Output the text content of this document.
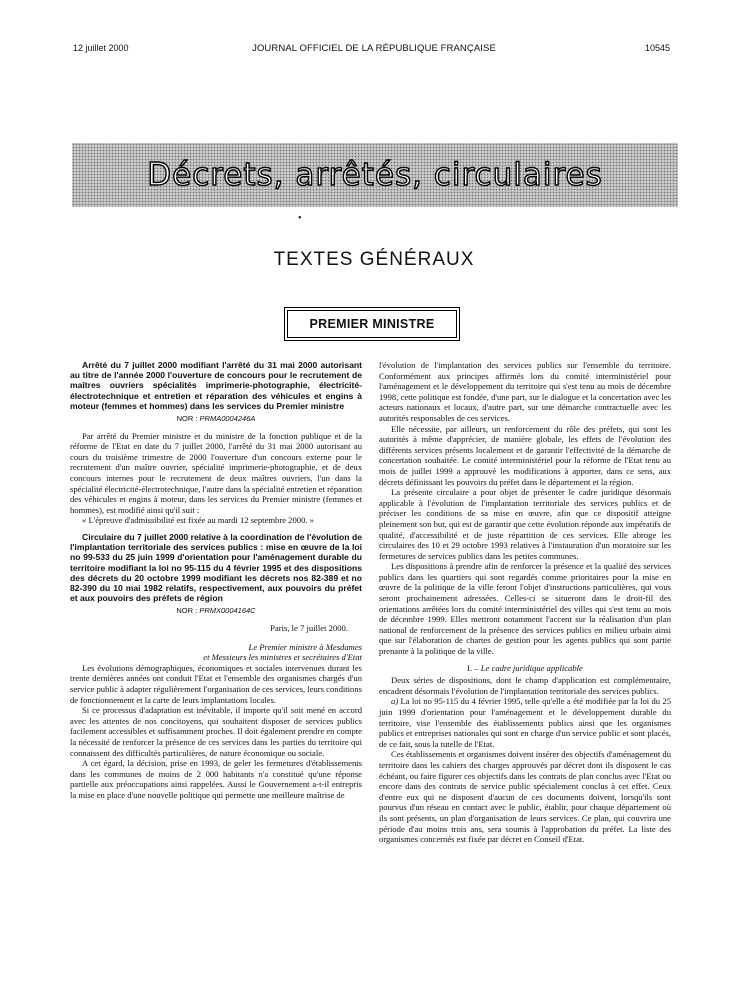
12 juillet 2000	JOURNAL OFFICIEL DE LA RÉPUBLIQUE FRANÇAISE	10545
Décrets, arrêtés, circulaires
•
TEXTES GÉNÉRAUX
PREMIER MINISTRE

Arrêté du 7 juillet 2000 modifiant l'arrêté du 31 mai 2000 autorisant au titre de l'année 2000 l'ouverture de concours pour le recrutement de maîtres ouvriers spécialités imprimerie-photographie, électricité-électrotechnique et entretien et réparation des véhicules et engins à moteur (femmes et hommes) dans les services du Premier ministre

NOR : PRMA0004246A

Par arrêté du Premier ministre et du ministre de la fonction publique et de la réforme de l'Etat en date du 7 juillet 2000, l'arrêté du 31 mai 2000 autorisant au cours du troisième trimestre de 2000 l'ouverture d'un concours externe pour le recrutement d'un maître ouvrier, spécialité imprimerie-photographie, et de deux concours internes pour le recrutement de deux maîtres ouvriers, l'un dans la spécialité électricité-électrotechnique, l'autre dans la spécialité entretien et réparation des véhicules et engins à moteur, dans les services du Premier ministre (femmes et hommes), est modifié ainsi qu'il suit :

« L'épreuve d'admissibilité est fixée au mardi 12 septembre 2000. »

Circulaire du 7 juillet 2000 relative à la coordination de l'évolution de l'implantation territoriale des services publics : mise en œuvre de la loi no 99-533 du 25 juin 1999 d'orientation pour l'aménagement durable du territoire modifiant la loi no 95-115 du 4 février 1995 et des dispositions des décrets du 20 octobre 1999 modifiant les décrets nos 82-389 et no 82-390 du 10 mai 1982 relatifs, respectivement, aux pouvoirs du préfet et aux pouvoirs des préfets de région

NOR : PRMX0004164C
Paris, le 7 juillet 2000.

Le Premier ministre à Mesdames

et Messieurs les ministres et secrétaires d'Etat

Les évolutions démographiques, économiques et sociales intervenues durant les trente dernières années ont conduit l'Etat et l'ensemble des organismes chargés d'un service public à adapter régulièrement l'organisation de ces services, leurs conditions de fonctionnement et la carte de leurs implantations locales.

Si ce processus d'adaptation est inévitable, il importe qu'il soit mené en accord avec les attentes de nos concitoyens, qui souhaitent disposer de services publics facilement accessibles et suffisamment proches. Il doit également prendre en compte la nécessité de renforcer la présence de ces services dans les parties du territoire qui connaissent des difficultés particulières, de nature économique ou sociale.

A cet égard, la décision, prise en 1993, de geler les fermetures d'établissements dans les communes de moins de 2 000 habitants n'a constitué qu'une réponse partielle aux préoccupations ainsi rappelées. Aussi le Gouvernement a-t-il entrepris la mise en place d'une nouvelle politique qui permette une meilleure maîtrise de

l'évolution de l'implantation des services publics sur l'ensemble du territoire. Conformément aux principes affirmés lors du comité interministériel pour l'aménagement et le développement du territoire qui s'est tenu au mois de décembre 1998, cette politique est fondée, d'une part, sur le dialogue et la concertation avec les acteurs nationaux et locaux, d'autre part, sur une démarche contractuelle avec les autorités responsables de ces services.

Elle nécessite, par ailleurs, un renforcement du rôle des préfets, qui sont les autorités à même d'apprécier, de manière globale, les effets de l'évolution des différents services présents localement et de garantir l'effectivité de la démarche de concertation souhaitée. Le comité interministériel pour la réforme de l'Etat tenu au mois de juillet 1999 a approuvé les modifications à apporter, dans ce sens, aux décrets définissant les pouvoirs du préfet dans le département et la région.

La présente circulaire a pour objet de présenter le cadre juridique désormais applicable à l'évolution de l'implantation territoriale des services publics et de préciser les conditions de sa mise en œuvre, afin que ce dispositif atteigne pleinement son but, qui est de garantir que cette évolution réponde aux impératifs de qualité, d'accessibilité et de juste répartition de ces services. Elle abroge les circulaires des 10 et 29 octobre 1993 relatives à l'instauration d'un moratoire sur les fermetures de services publics dans les petites communes.

Les dispositions à prendre afin de renforcer la présence et la qualité des services publics dans les quartiers qui sont regardés comme prioritaires pour la mise en œuvre de la politique de la ville feront l'objet d'instructions particulières, qui vous seront prochainement adressées. Celles-ci se situeront dans le droit-fil des orientations arrêtées lors du comité interministériel des villes qui s'est tenu au mois de décembre 1999. Elles mettront notamment l'accent sur la réalisation d'un plan national de renforcement de la présence des services publics en milieu urbain ainsi que sur l'élaboration de chartes de gestion pour les agents publics qui sont partie prenante à la politique de la ville.

I. – Le cadre juridique applicable

Deux séries de dispositions, dont le champ d'application est complémentaire, encadrent désormais l'évolution de l'implantation territoriale des services publics.

a) La loi no 95-115 du 4 février 1995, telle qu'elle a été modifiée par la loi du 25 juin 1999 d'orientation pour l'aménagement et le développement durable du territoire, vise l'ensemble des établissements publics ainsi que les organismes publics et entreprises nationales qui sont en charge d'un service public et sont placés, de ce fait, sous la tutelle de l'Etat.

Ces établissements et organismes doivent insérer des objectifs d'aménagement du territoire dans les cahiers des charges approuvés par décret dont ils disposent le cas échéant, ou faire figurer ces objectifs dans les contrats de plan conclus avec l'Etat ou encore dans des contrats de service public spécialement conclus à cet effet. Ceux d'entre eux qui ne disposent d'aucun de ces documents doivent, lorsqu'ils sont pourvus d'un réseau en contact avec le public, établir, pour chaque département où ils sont présents, un plan d'organisation de leurs services. Ce plan, qui couvrira une période d'au moins trois ans, sera soumis à l'approbation du préfet. La liste des organismes concernés est fixée par décret en Conseil d'Etat.
